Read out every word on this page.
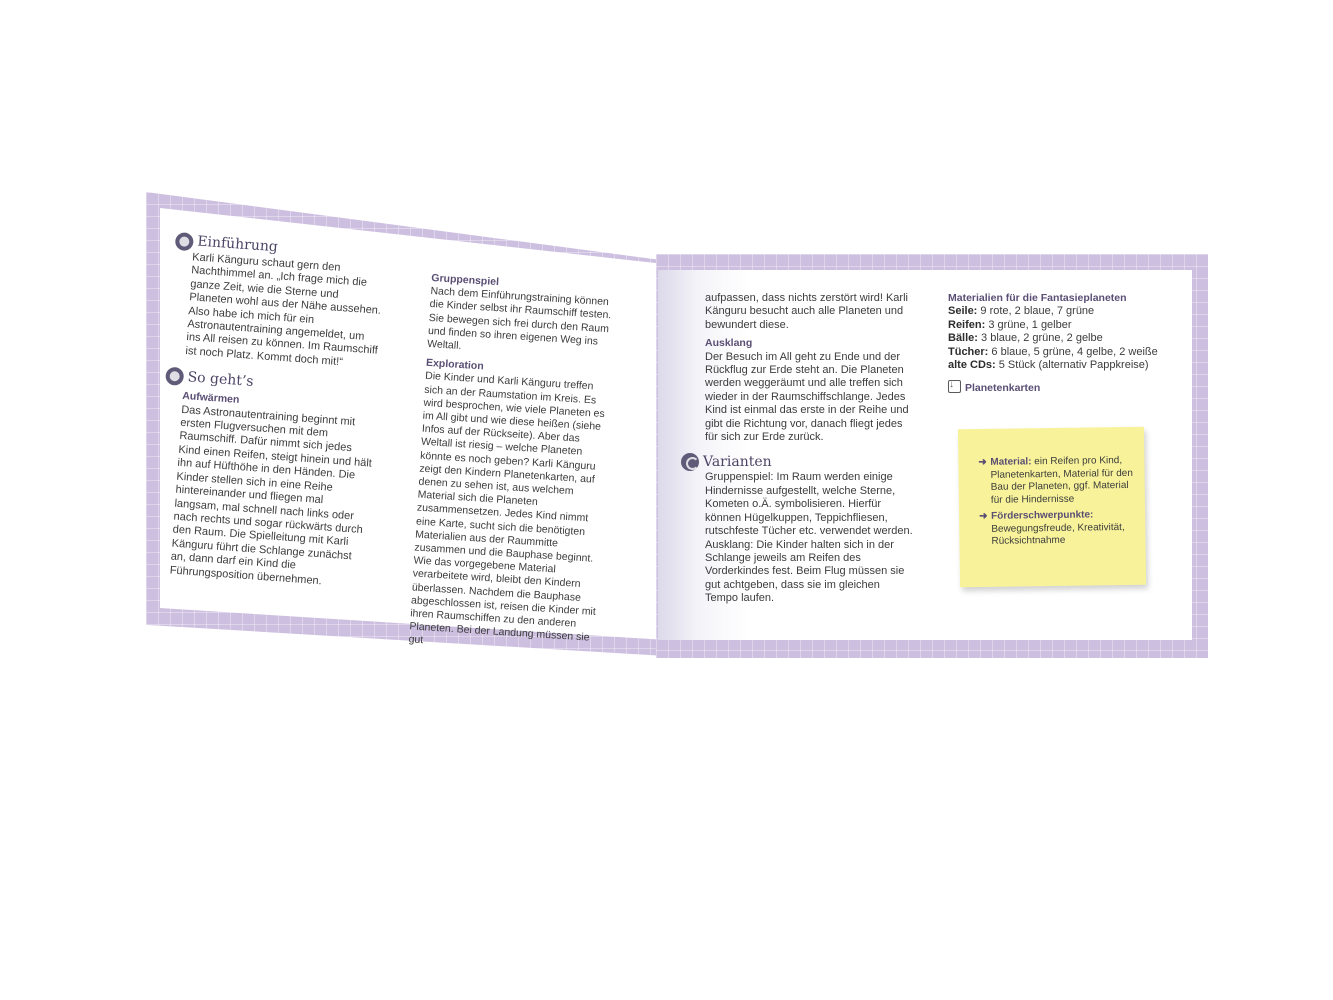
Einführung

Karli Känguru schaut gern den Nachthimmel an. „Ich frage mich die ganze Zeit, wie die Sterne und Planeten wohl aus der Nähe aussehen. Also habe ich mich für ein Astronautentraining angemeldet, um ins All reisen zu können. Im Raumschiff ist noch Platz. Kommt doch mit!“

So geht’s
Aufwärmen

Das Astronautentraining beginnt mit ersten Flugversuchen mit dem Raumschiff. Dafür nimmt sich jedes Kind einen Reifen, steigt hinein und hält ihn auf Hüfthöhe in den Händen. Die Kinder stellen sich in eine Reihe hintereinander und fliegen mal langsam, mal schnell nach links oder nach rechts und sogar rückwärts durch den Raum. Die Spielleitung mit Karli Känguru führt die Schlange zunächst an, dann darf ein Kind die Führungsposition übernehmen.

Gruppenspiel

Nach dem Einführungstraining können die Kinder selbst ihr Raumschiff testen. Sie bewegen sich frei durch den Raum und finden so ihren eigenen Weg ins Weltall.

Exploration

Die Kinder und Karli Känguru treffen sich an der Raumstation im Kreis. Es wird besprochen, wie viele Planeten es im All gibt und wie diese heißen (siehe Infos auf der Rückseite). Aber das Weltall ist riesig – welche Planeten könnte es noch geben? Karli Känguru zeigt den Kindern Planetenkarten, auf denen zu sehen ist, aus welchem Material sich die Planeten zusammensetzen. Jedes Kind nimmt eine Karte, sucht sich die benötigten Materialien aus der Raummitte zusammen und die Bauphase beginnt. Wie das vorgegebene Material verarbeitete wird, bleibt den Kindern überlassen. Nachdem die Bauphase abgeschlossen ist, reisen die Kinder mit ihren Raumschiffen zu den anderen Planeten. Bei der Landung müssen sie gut

aufpassen, dass nichts zerstört wird! Karli Känguru besucht auch alle Planeten und bewundert diese.

Ausklang

Der Besuch im All geht zu Ende und der Rückflug zur Erde steht an. Die Planeten werden weggeräumt und alle treffen sich wieder in der Raumschiffschlange. Jedes Kind ist einmal das erste in der Reihe und gibt die Richtung vor, danach fliegt jedes für sich zur Erde zurück.

Varianten

Gruppenspiel: Im Raum werden einige Hindernisse aufgestellt, welche Sterne, Kometen o.Ä. symbolisieren. Hierfür können Hügelkuppen, Teppichfliesen, rutschfeste Tücher etc. verwendet werden.

Ausklang: Die Kinder halten sich in der Schlange jeweils am Reifen des Vorderkindes fest. Beim Flug müssen sie gut achtgeben, dass sie im gleichen Tempo laufen.

Materialien für die Fantasieplaneten
Seile: 9 rote, 2 blaue, 7 grüne
Reifen: 3 grüne, 1 gelber
Bälle: 3 blaue, 2 grüne, 2 gelbe
Tücher: 6 blaue, 5 grüne, 4 gelbe, 2 weiße
alte CDs: 5 Stück (alternativ Pappkreise)
↓Planetenkarten
➜ Material: ein Reifen pro Kind, Planetenkarten, Material für den Bau der Planeten, ggf. Material für die Hindernisse
➜ Förderschwerpunkte: Bewegungsfreude, Kreativität, Rücksichtnahme
